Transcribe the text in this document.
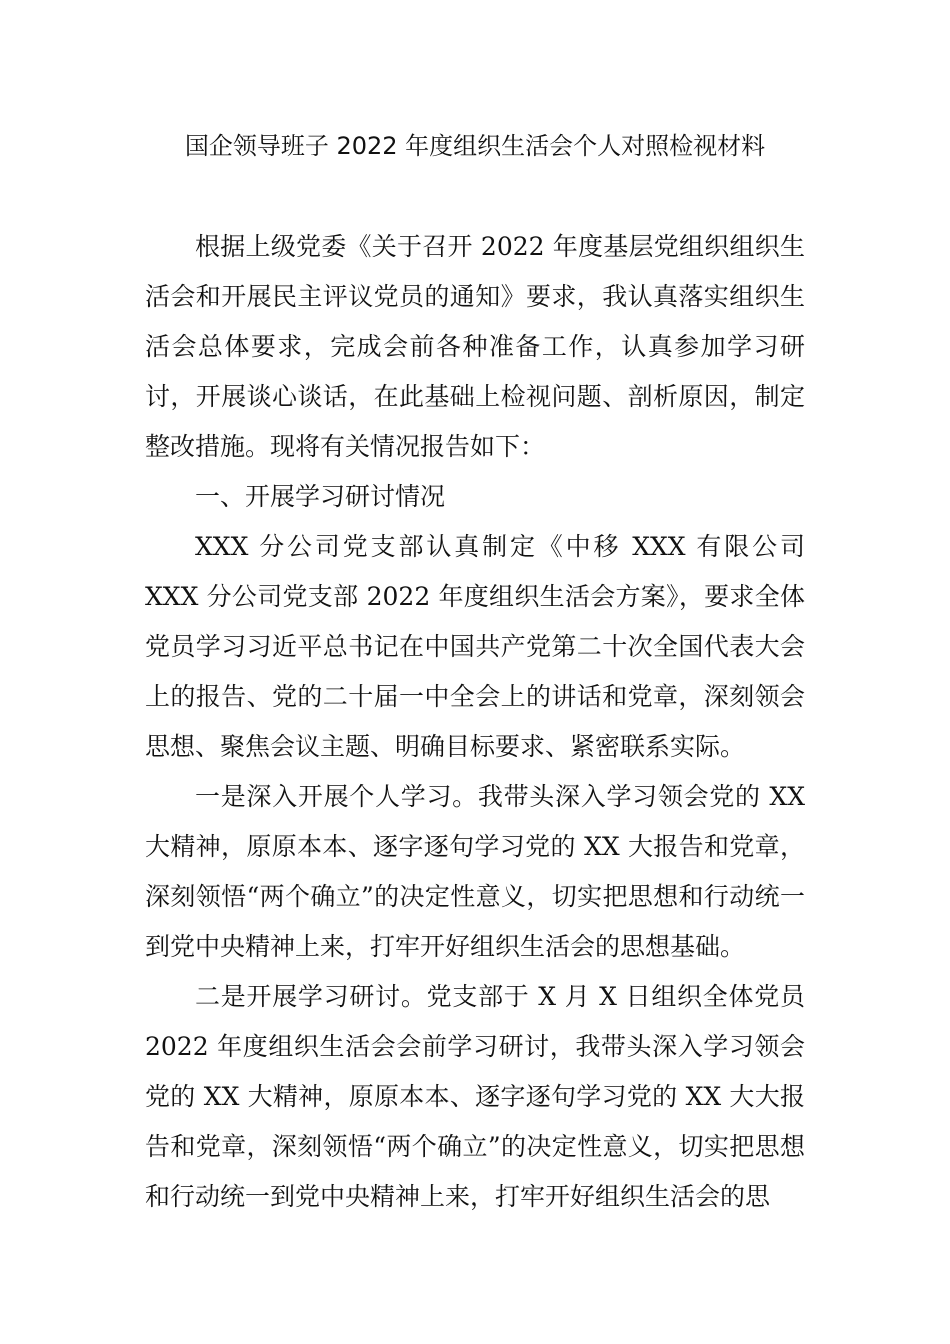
国企领导班子 2022 年度组织生活会个人对照检视材料

根据上级党委《关于召开 2022 年度基层党组织组织生活会和开展民主评议党员的通知》要求，我认真落实组织生活会总体要求，完成会前各种准备工作，认真参加学习研讨，开展谈心谈话，在此基础上检视问题、剖析原因，制定整改措施。现将有关情况报告如下：

一、开展学习研讨情况

XXX 分公司党支部认真制定《中移 XXX 有限公司 XXX 分公司党支部 2022 年度组织生活会方案》，要求全体党员学习习近平总书记在中国共产党第二十次全国代表大会上的报告、党的二十届一中全会上的讲话和党章，深刻领会思想、聚焦会议主题、明确目标要求、紧密联系实际。

一是深入开展个人学习。我带头深入学习领会党的 XX 大精神，原原本本、逐字逐句学习党的 XX 大报告和党章，深刻领悟“两个确立”的决定性意义，切实把思想和行动统一到党中央精神上来，打牢开好组织生活会的思想基础。

二是开展学习研讨。党支部于 X 月 X 日组织全体党员 2022 年度组织生活会会前学习研讨，我带头深入学习领会党的 XX 大精神，原原本本、逐字逐句学习党的 XX 大大报告和党章，深刻领悟“两个确立”的决定性意义，切实把思想和行动统一到党中央精神上来，打牢开好组织生活会的思
